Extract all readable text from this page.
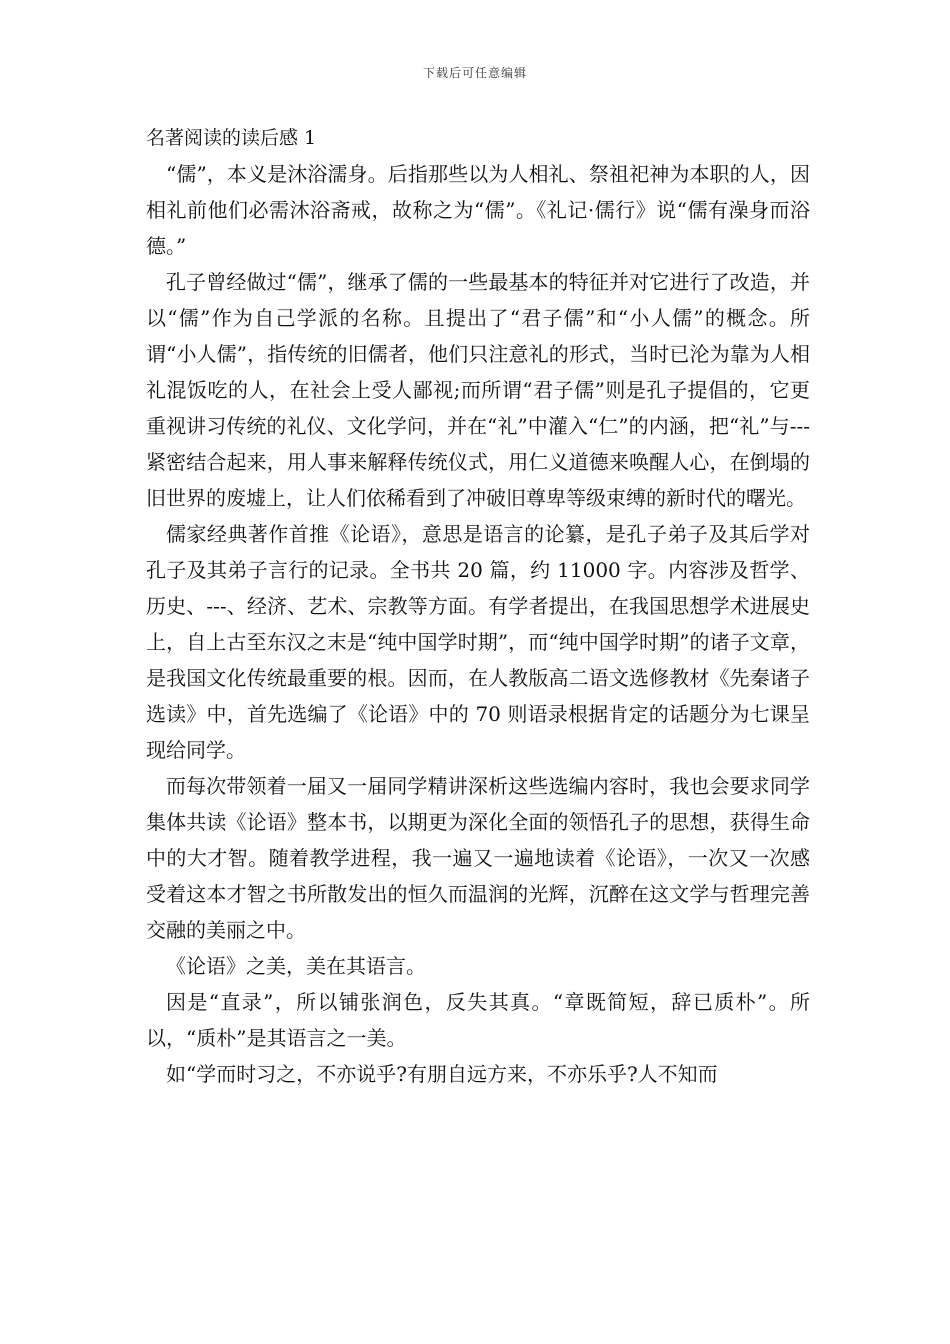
下载后可任意编辑
名著阅读的读后感 1

“儒”，本义是沐浴濡身。后指那些以为人相礼、祭祖祀神为本职的人，因相礼前他们必需沐浴斋戒，故称之为“儒”。《礼记·儒行》说“儒有澡身而浴德。”

孔子曾经做过“儒”，继承了儒的一些最基本的特征并对它进行了改造，并以“儒”作为自己学派的名称。且提出了“君子儒”和“小人儒”的概念。所谓“小人儒”，指传统的旧儒者，他们只注意礼的形式，当时已沦为靠为人相礼混饭吃的人，在社会上受人鄙视;而所谓“君子儒”则是孔子提倡的，它更重视讲习传统的礼仪、文化学问，并在“礼”中灌入“仁”的内涵，把“礼”与---紧密结合起来，用人事来解释传统仪式，用仁义道德来唤醒人心，在倒塌的旧世界的废墟上，让人们依稀看到了冲破旧尊卑等级束缚的新时代的曙光。

儒家经典著作首推《论语》，意思是语言的论纂，是孔子弟子及其后学对孔子及其弟子言行的记录。全书共 20 篇，约 11000 字。内容涉及哲学、历史、---、经济、艺术、宗教等方面。有学者提出，在我国思想学术进展史上，自上古至东汉之末是“纯中国学时期”，而“纯中国学时期”的诸子文章，是我国文化传统最重要的根。因而，在人教版高二语文选修教材《先秦诸子选读》中，首先选编了《论语》中的 70 则语录根据肯定的话题分为七课呈现给同学。

而每次带领着一届又一届同学精讲深析这些选编内容时，我也会要求同学集体共读《论语》整本书，以期更为深化全面的领悟孔子的思想，获得生命中的大才智。随着教学进程，我一遍又一遍地读着《论语》，一次又一次感受着这本才智之书所散发出的恒久而温润的光辉，沉醉在这文学与哲理完善交融的美丽之中。

《论语》之美，美在其语言。

因是“直录”，所以铺张润色，反失其真。“章既简短，辞已质朴”。所以，“质朴”是其语言之一美。

如“学而时习之，不亦说乎?有朋自远方来，不亦乐乎?人不知而
